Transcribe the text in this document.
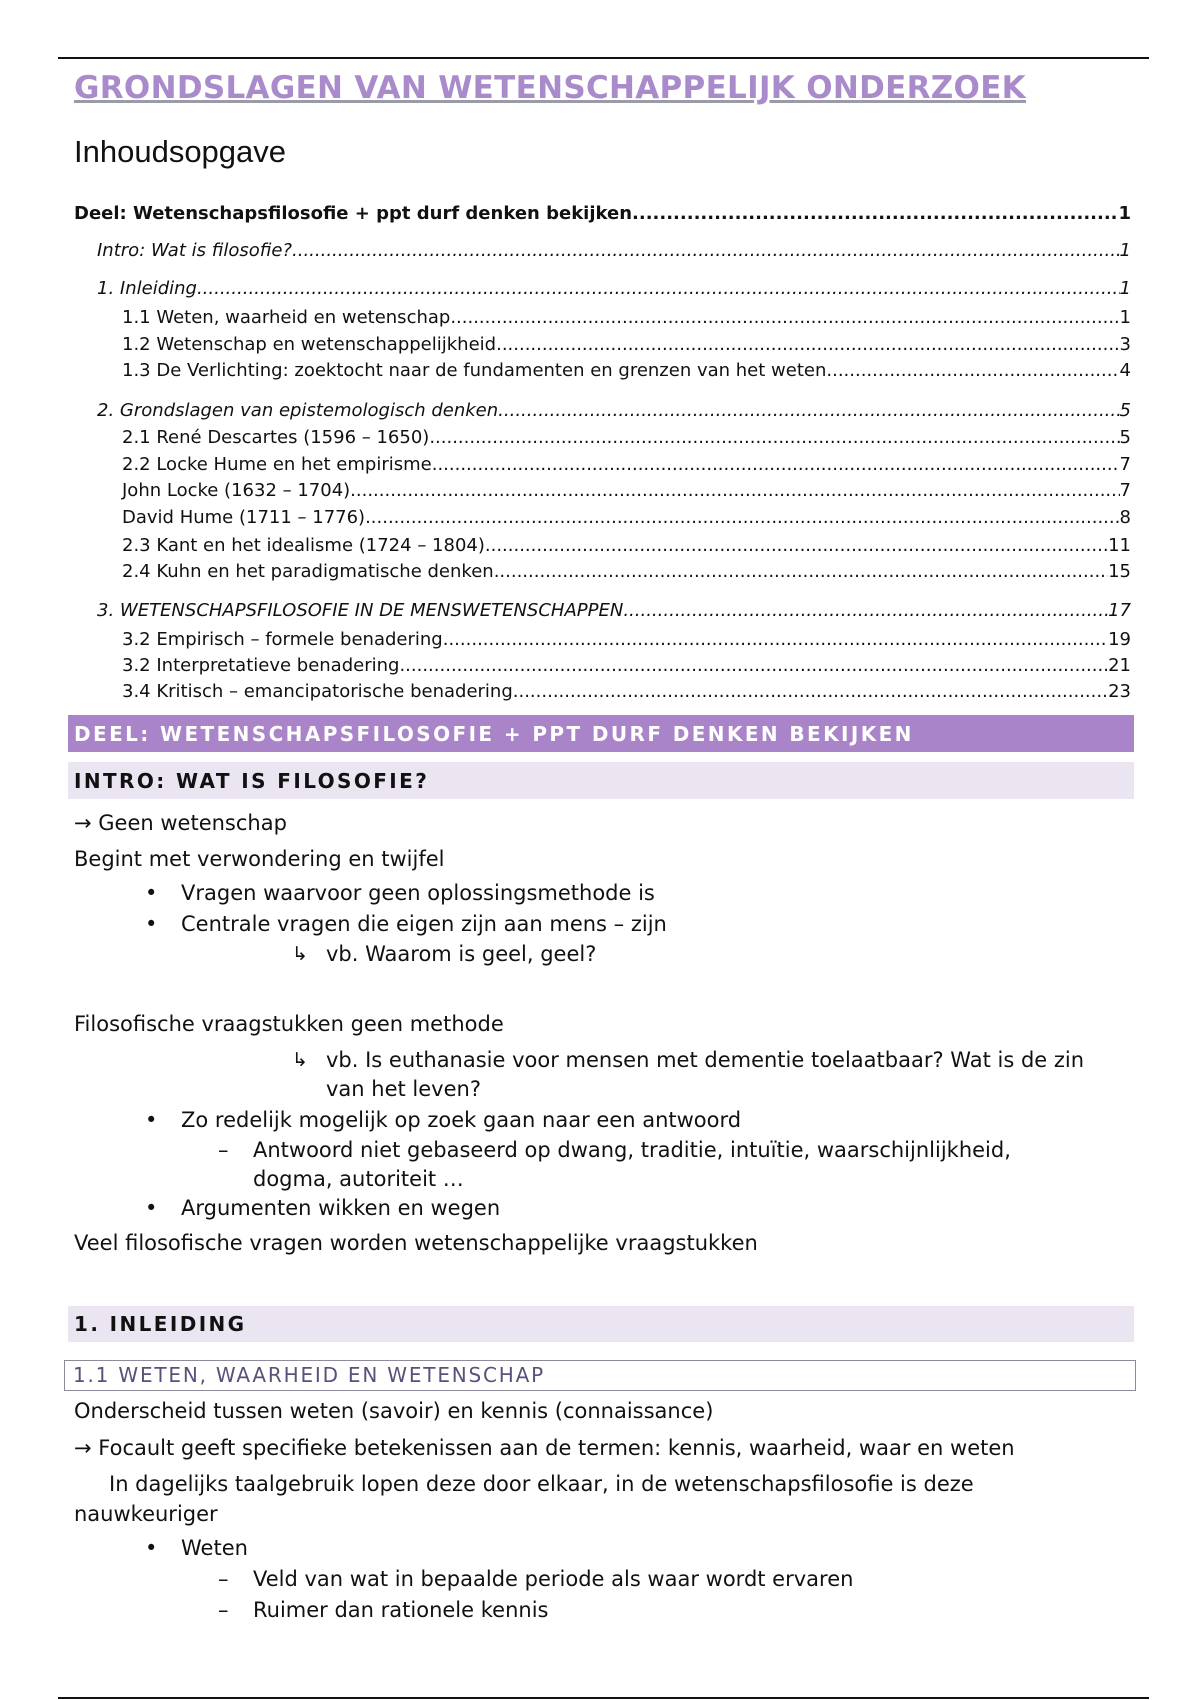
GRONDSLAGEN VAN WETENSCHAPPELIJK ONDERZOEK
Inhoudsopgave
Deel: Wetenschapsfilosofie + ppt durf denken bekijken .....	1
Intro: Wat is filosofie? .....	1
1. Inleiding .....	1
1.1 Weten, waarheid en wetenschap .....	1
1.2 Wetenschap en wetenschappelijkheid .....	3
1.3 De Verlichting: zoektocht naar de fundamenten en grenzen van het weten .....	4
2. Grondslagen van epistemologisch denken .....	5
2.1 René Descartes (1596 – 1650) .....	5
2.2 Locke Hume en het empirisme .....	7
John Locke (1632 – 1704) .....	7
David Hume (1711 – 1776) .....	8
2.3 Kant en het idealisme (1724 – 1804) .....	11
2.4 Kuhn en het paradigmatische denken .....	15
3. WETENSCHAPSFILOSOFIE IN DE MENSWETENSCHAPPEN .....	17
3.2 Empirisch – formele benadering .....	19
3.2 Interpretatieve benadering .....	21
3.4 Kritisch – emancipatorische benadering .....	23
DEEL: WETENSCHAPSFILOSOFIE + PPT DURF DENKEN BEKIJKEN
INTRO: WAT IS FILOSOFIE?
→ Geen wetenschap
Begint met verwondering en twijfel
• Vragen waarvoor geen oplossingsmethode is
• Centrale vragen die eigen zijn aan mens – zijn
↳ vb. Waarom is geel, geel?
Filosofische vraagstukken geen methode
↳ vb. Is euthanasie voor mensen met dementie toelaatbaar? Wat is de zin
van het leven?
• Zo redelijk mogelijk op zoek gaan naar een antwoord
– Antwoord niet gebaseerd op dwang, traditie, intuïtie, waarschijnlijkheid,
dogma, autoriteit …
• Argumenten wikken en wegen
Veel filosofische vragen worden wetenschappelijke vraagstukken
1. INLEIDING
1.1 WETEN, WAARHEID EN WETENSCHAP
Onderscheid tussen weten (savoir) en kennis (connaissance)
→ Focault geeft specifieke betekenissen aan de termen: kennis, waarheid, waar en weten
In dagelijks taalgebruik lopen deze door elkaar, in de wetenschapsfilosofie is deze
nauwkeuriger
• Weten
– Veld van wat in bepaalde periode als waar wordt ervaren
– Ruimer dan rationele kennis
